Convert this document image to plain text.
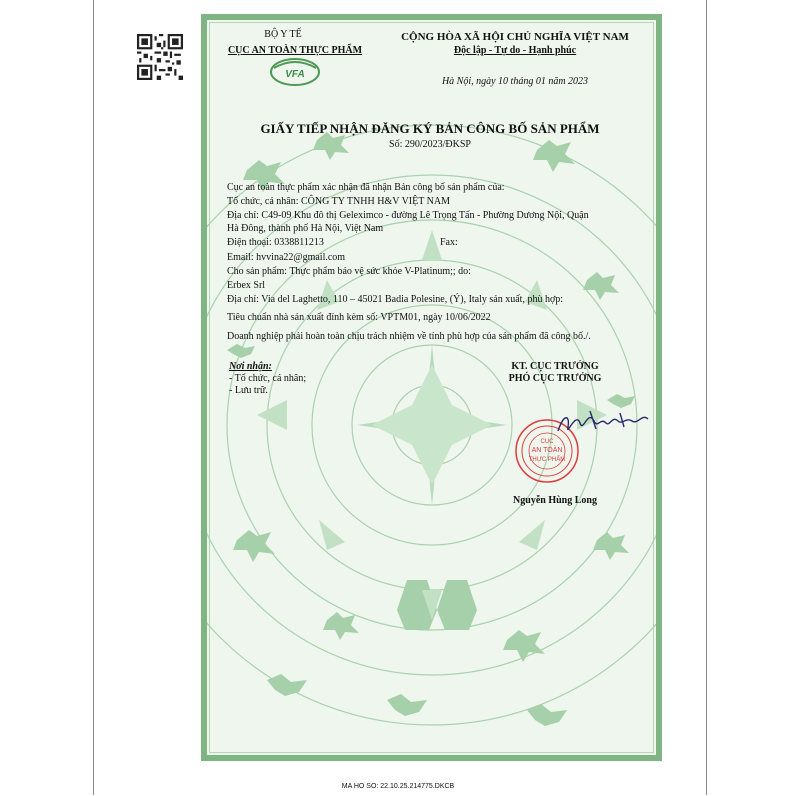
VFA
BỘ Y TẾ
CỤC AN TOÀN THỰC PHẨM
CỘNG HÒA XÃ HỘI CHỦ NGHĨA VIỆT NAM
Độc lập - Tự do - Hạnh phúc
Hà Nội, ngày 10 tháng 01 năm 2023
GIẤY TIẾP NHẬN ĐĂNG KÝ BẢN CÔNG BỐ SẢN PHẨM
Số: 290/2023/ĐKSP
Cục an toàn thực phẩm xác nhận đã nhận Bản công bố sản phẩm của:
Tổ chức, cá nhân: CÔNG TY TNHH H&V VIỆT NAM
Địa chỉ: C49-09 Khu đô thị Geleximco - đường Lê Trọng Tấn - Phường Dương Nội, Quận
Hà Đông, thành phố Hà Nội, Việt Nam
Điện thoại: 0338811213	Fax:
Email: hvvina22@gmail.com
Cho sản phẩm: Thực phẩm bảo vệ sức khỏe V-Platinum;; do:
Erbex Srl
Địa chỉ: Via del Laghetto, 110 – 45021 Badia Polesine, (Ý), Italy sản xuất, phù hợp:
Tiêu chuẩn nhà sản xuất đính kèm số: VPTM01, ngày 10/06/2022
Doanh nghiệp phải hoàn toàn chịu trách nhiệm về tính phù hợp của sản phẩm đã công bố./.
Nơi nhận:
- Tổ chức, cá nhân;
- Lưu trữ.
KT. CỤC TRƯỞNG
PHÓ CỤC TRƯỞNG
CỤC
AN TOÀN
THỰC PHẨM
Nguyễn Hùng Long
MA HO SO: 22.10.25.214775.DKCB
